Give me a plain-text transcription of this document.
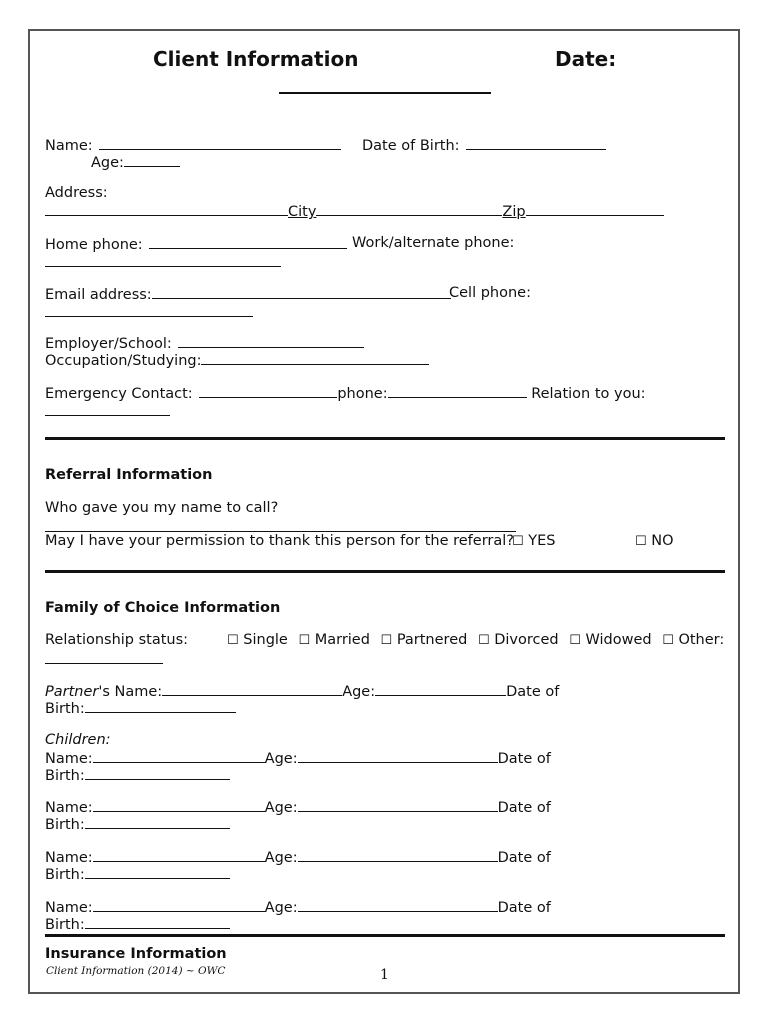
Client Information	Date:
Name:	Date of Birth:
Age:
Address:
City	Zip
Home phone:	Work/alternate phone:
Email address:	Cell phone:
Employer/School:
Occupation/Studying:
Emergency Contact:	phone:	Relation to you:
Referral Information
Who gave you my name to call?
May I have your permission to thank this person for the referral?
☐ YES	☐ NO
Family of Choice Information
Relationship status:	☐ Single ☐ Married ☐ Partnered ☐ Divorced ☐ Widowed ☐ Other:
Partner's Name:	Age:	Date of
Birth:
Children:
Name:	Age:	Date of
Birth:
Name:	Age:	Date of
Birth:
Name:	Age:	Date of
Birth:
Name:	Age:	Date of
Birth:
Insurance Information
Client Information (2014) ~ OWC	1
